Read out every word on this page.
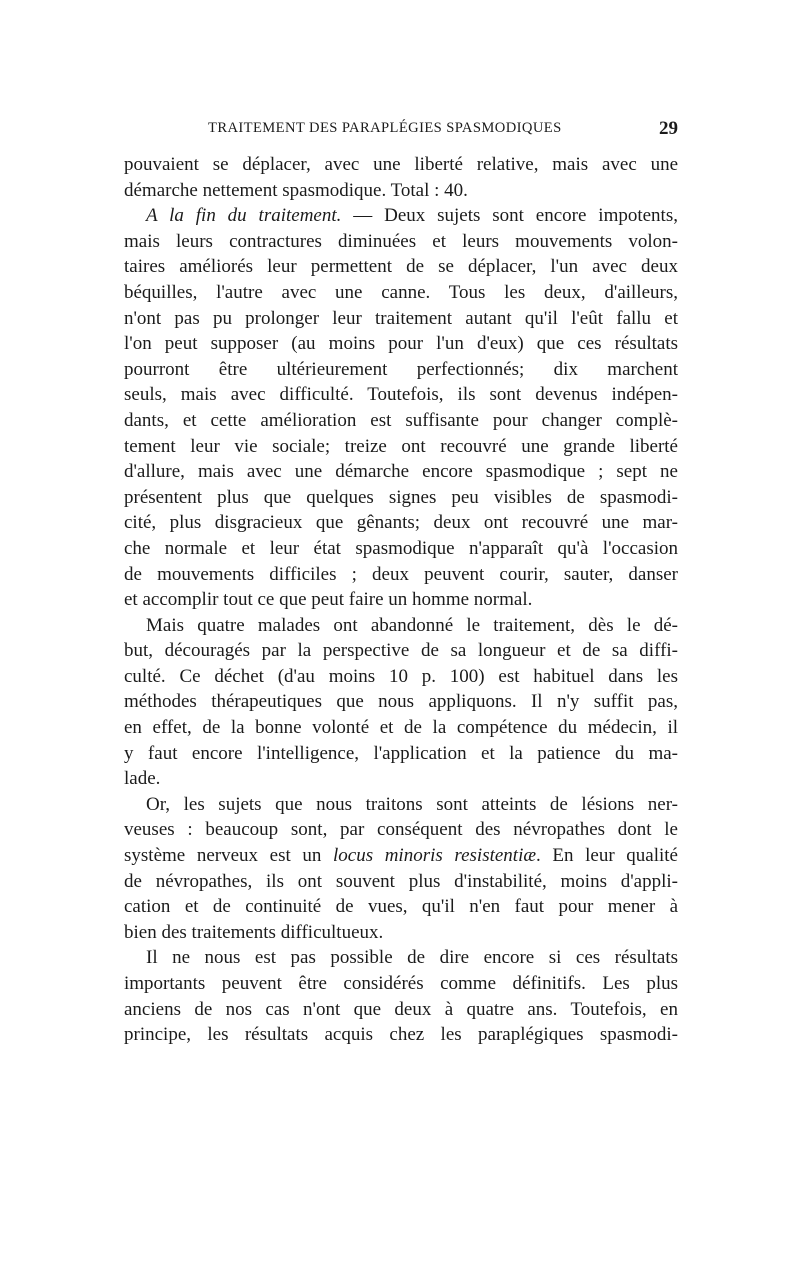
TRAITEMENT DES PARAPLÉGIES SPASMODIQUES	29
pouvaient se déplacer, avec une liberté relative, mais avec une
démarche nettement spasmodique. Total : 40.
A la fin du traitement. — Deux sujets sont encore impotents,
mais leurs contractures diminuées et leurs mouvements volon-
taires améliorés leur permettent de se déplacer, l'un avec deux
béquilles, l'autre avec une canne. Tous les deux, d'ailleurs,
n'ont pas pu prolonger leur traitement autant qu'il l'eût fallu et
l'on peut supposer (au moins pour l'un d'eux) que ces résultats
pourront être ultérieurement perfectionnés; dix marchent
seuls, mais avec difficulté. Toutefois, ils sont devenus indépen-
dants, et cette amélioration est suffisante pour changer complè-
tement leur vie sociale; treize ont recouvré une grande liberté
d'allure, mais avec une démarche encore spasmodique ; sept ne
présentent plus que quelques signes peu visibles de spasmodi-
cité, plus disgracieux que gênants; deux ont recouvré une mar-
che normale et leur état spasmodique n'apparaît qu'à l'occasion
de mouvements difficiles ; deux peuvent courir, sauter, danser
et accomplir tout ce que peut faire un homme normal.
Mais quatre malades ont abandonné le traitement, dès le dé-
but, découragés par la perspective de sa longueur et de sa diffi-
culté. Ce déchet (d'au moins 10 p. 100) est habituel dans les
méthodes thérapeutiques que nous appliquons. Il n'y suffit pas,
en effet, de la bonne volonté et de la compétence du médecin, il
y faut encore l'intelligence, l'application et la patience du ma-
lade.
Or, les sujets que nous traitons sont atteints de lésions ner-
veuses : beaucoup sont, par conséquent des névropathes dont le
système nerveux est un locus minoris resistentiæ. En leur qualité
de névropathes, ils ont souvent plus d'instabilité, moins d'appli-
cation et de continuité de vues, qu'il n'en faut pour mener à
bien des traitements difficultueux.
Il ne nous est pas possible de dire encore si ces résultats
importants peuvent être considérés comme définitifs. Les plus
anciens de nos cas n'ont que deux à quatre ans. Toutefois, en
principe, les résultats acquis chez les paraplégiques spasmodi-
